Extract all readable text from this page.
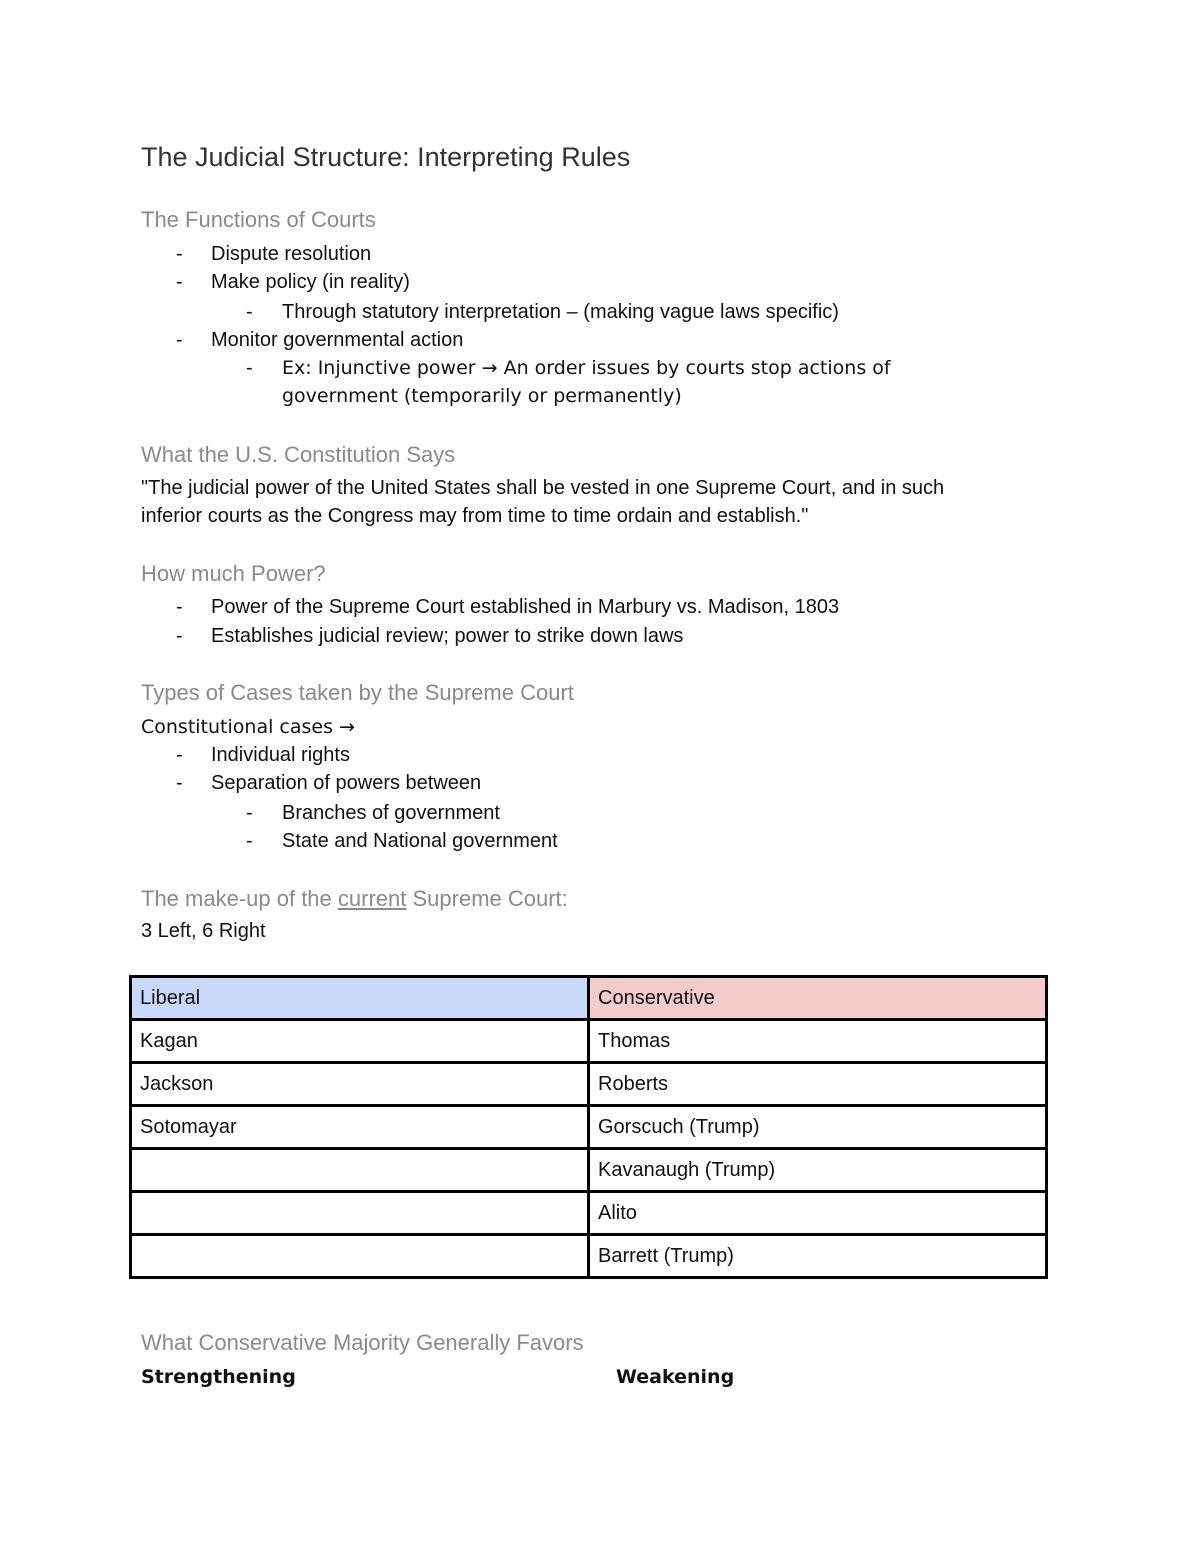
The Judicial Structure: Interpreting Rules
The Functions of Courts
- Dispute resolution
- Make policy (in reality)
- Through statutory interpretation – (making vague laws specific)
- Monitor governmental action
- Ex: Injunctive power → An order issues by courts stop actions of
government (temporarily or permanently)
What the U.S. Constitution Says
"The judicial power of the United States shall be vested in one Supreme Court, and in such
inferior courts as the Congress may from time to time ordain and establish."
How much Power?
- Power of the Supreme Court established in Marbury vs. Madison, 1803
- Establishes judicial review; power to strike down laws
Types of Cases taken by the Supreme Court
Constitutional cases →
- Individual rights
- Separation of powers between
- Branches of government
- State and National government
The make-up of the current Supreme Court:
3 Left, 6 Right
Liberal	Conservative
Kagan	Thomas
Jackson	Roberts
Sotomayar	Gorscuch (Trump)
	Kavanaugh (Trump)
	Alito
	Barrett (Trump)
What Conservative Majority Generally Favors
Strengthening	Weakening
